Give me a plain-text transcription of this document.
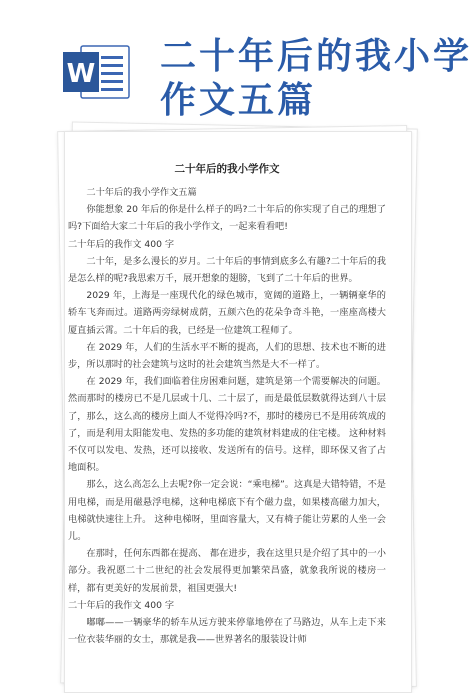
W 二十年后的我小学
作文五篇
二十年后的我小学作文

二十年后的我小学作文五篇

你能想象 20 年后的你是什么样子的吗?二十年后的你实现了自己的理想了吗?下面给大家二十年后的我小学作文，一起来看看吧!

二十年后的我作文 400 字

二十年，是多么漫长的岁月。二十年后的事情到底多么有趣?二十年后的我是怎么样的呢?我思索万千，展开想象的翅膀，飞到了二十年后的世界。

2029 年，上海是一座现代化的绿色城市，宽阔的道路上，一辆辆豪华的轿车飞奔而过。道路两旁绿树成荫，五颜六色的花朵争奇斗艳，一座座高楼大厦直插云霄。二十年后的我，已经是一位建筑工程师了。

在 2029 年，人们的生活水平不断的提高，人们的思想、技术也不断的进步，所以那时的社会建筑与这时的社会建筑当然是大不一样了。

在 2029 年，我们面临着住房困难问题，建筑是第一个需要解决的问题。然而那时的楼房已不是几层或十几、二十层了，而是最低层数就得达到八十层了，那么，这么高的楼房上面人不觉得冷吗?不，那时的楼房已不是用砖筑成的了，而是利用太阳能发电、发热的多功能的建筑材料建成的住宅楼。 这种材料不仅可以发电、发热，还可以接收、发送所有的信号。这样，即环保又省了占地面积。

那么，这么高怎么上去呢?你一定会说：“乘电梯”。这真是大错特错，不是用电梯，而是用磁悬浮电梯，这种电梯底下有个磁力盘，如果楼高磁力加大，电梯就快速往上升。 这种电梯呀，里面容量大，又有椅子能让劳累的人坐一会儿。

在那时，任何东西都在提高、 都在进步，我在这里只是介绍了其中的一小部分。我祝愿二十二世纪的社会发展得更加繁荣昌盛，就象我所说的楼房一样，都有更美好的发展前景，祖国更强大!

二十年后的我作文 400 字

嘟嘟——一辆豪华的轿车从远方驶来停靠地停在了马路边，从车上走下来一位衣装华丽的女士，那就是我——世界著名的服装设计师
